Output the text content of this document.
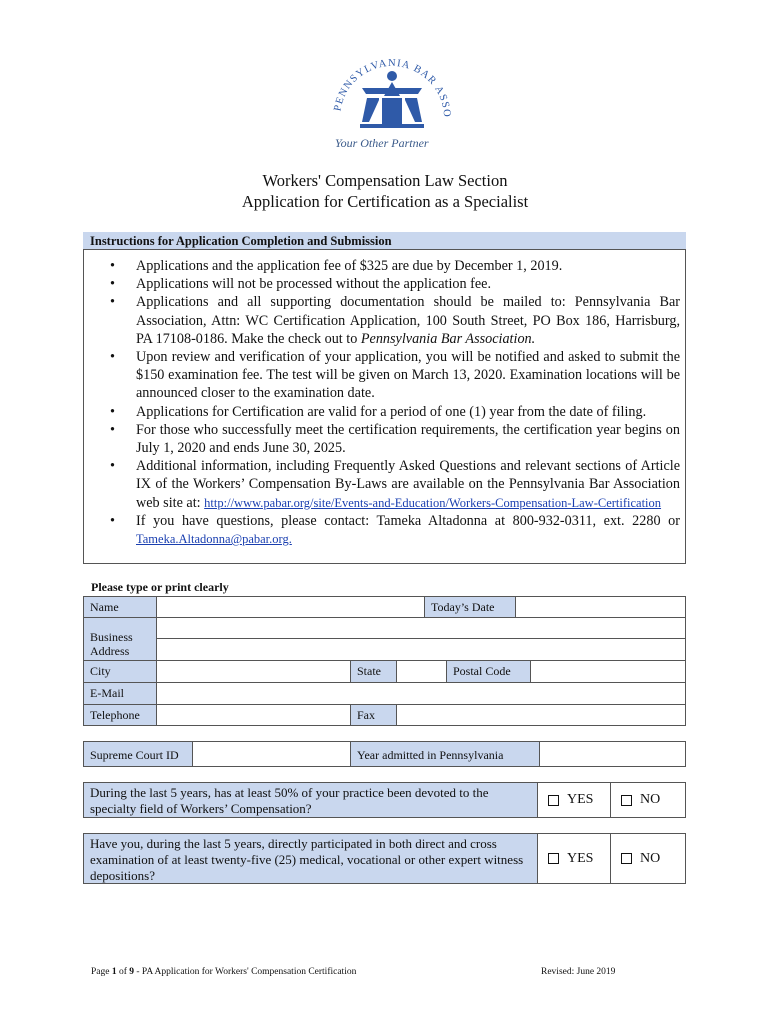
PENNSYLVANIA BAR ASSO
Your Other Partner
Workers' Compensation Law Section
Application for Certification as a Specialist
Instructions for Application Completion and Submission
• Applications and the application fee of $325 are due by December 1, 2019.
• Applications will not be processed without the application fee.
• Applications and all supporting documentation should be mailed to: Pennsylvania Bar Association, Attn: WC Certification Application, 100 South Street, PO Box 186, Harrisburg, PA 17108-0186. Make the check out to Pennsylvania Bar Association.
• Upon review and verification of your application, you will be notified and asked to submit the $150 examination fee. The test will be given on March 13, 2020. Examination locations will be announced closer to the examination date.
• Applications for Certification are valid for a period of one (1) year from the date of filing.
• For those who successfully meet the certification requirements, the certification year begins on July 1, 2020 and ends June 30, 2025.
• Additional information, including Frequently Asked Questions and relevant sections of Article IX of the Workers’ Compensation By-Laws are available on the Pennsylvania Bar Association web site at: http://www.pabar.org/site/Events-and-Education/Workers-Compensation-Law-Certification
• If you have questions, please contact: Tameka Altadonna at 800-932-0311, ext. 2280 or Tameka.Altadonna@pabar.org.
Please type or print clearly
Name	Today’s Date
Business Address
City	State	Postal Code
E-Mail
Telephone	Fax
Supreme Court ID	Year admitted in Pennsylvania
During the last 5 years, has at least 50% of your practice been devoted to the specialty field of Workers’ Compensation?
YES	NO
Have you, during the last 5 years, directly participated in both direct and cross examination of at least twenty-five (25) medical, vocational or other expert witness depositions?
YES	NO
Page 1 of 9 - PA Application for Workers' Compensation Certification	Revised: June 2019
